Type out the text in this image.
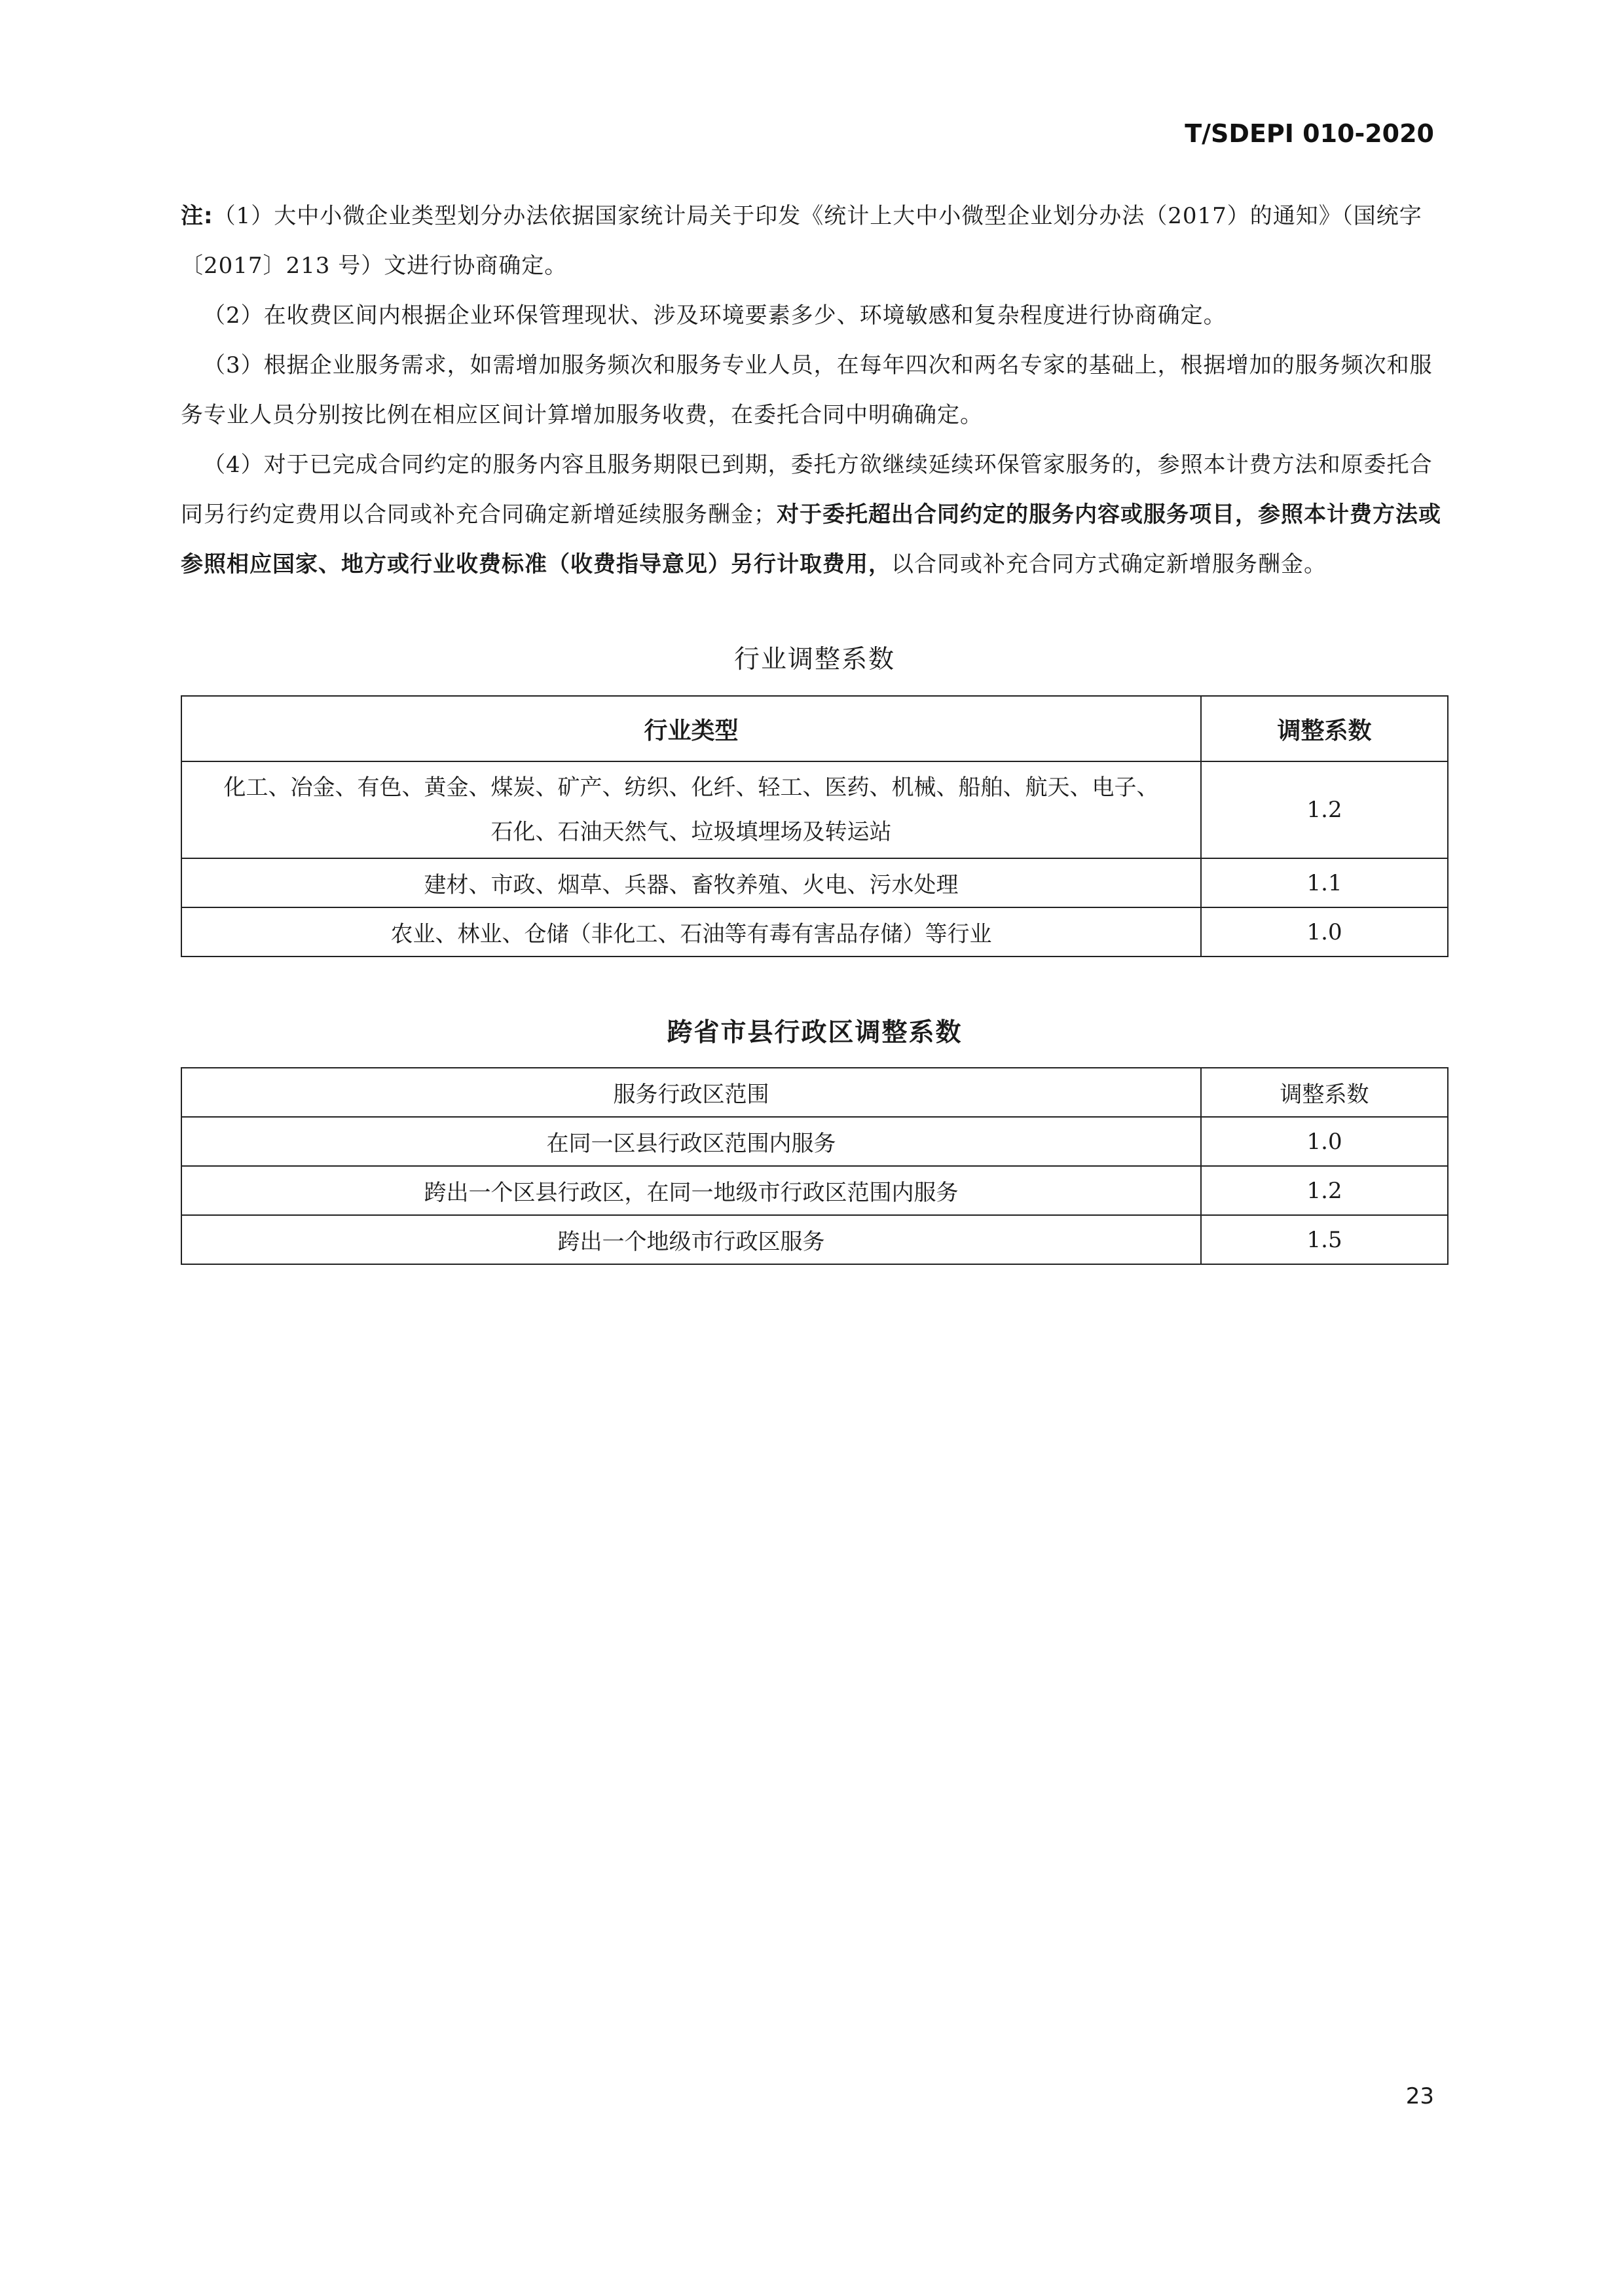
T/SDEPI 010-2020

注:（1）大中小微企业类型划分办法依据国家统计局关于印发《统计上大中小微型企业划分办法（2017）的通知》（国统字〔2017〕213 号）文进行协商确定。

（2）在收费区间内根据企业环保管理现状、涉及环境要素多少、环境敏感和复杂程度进行协商确定。

（3）根据企业服务需求，如需增加服务频次和服务专业人员，在每年四次和两名专家的基础上，根据增加的服务频次和服务专业人员分别按比例在相应区间计算增加服务收费，在委托合同中明确确定。

（4）对于已完成合同约定的服务内容且服务期限已到期，委托方欲继续延续环保管家服务的，参照本计费方法和原委托合同另行约定费用以合同或补充合同确定新增延续服务酬金；对于委托超出合同约定的服务内容或服务项目，参照本计费方法或参照相应国家、地方或行业收费标准（收费指导意见）另行计取费用，以合同或补充合同方式确定新增服务酬金。

行业调整系数
行业类型	调整系数
化工、冶金、有色、黄金、煤炭、矿产、纺织、化纤、轻工、医药、机械、船舶、航天、电子、
石化、石油天然气、垃圾填埋场及转运站	1.2
建材、市政、烟草、兵器、畜牧养殖、火电、污水处理	1.1
农业、林业、仓储（非化工、石油等有毒有害品存储）等行业	1.0
跨省市县行政区调整系数
服务行政区范围	调整系数
在同一区县行政区范围内服务	1.0
跨出一个区县行政区，在同一地级市行政区范围内服务	1.2
跨出一个地级市行政区服务	1.5
23
